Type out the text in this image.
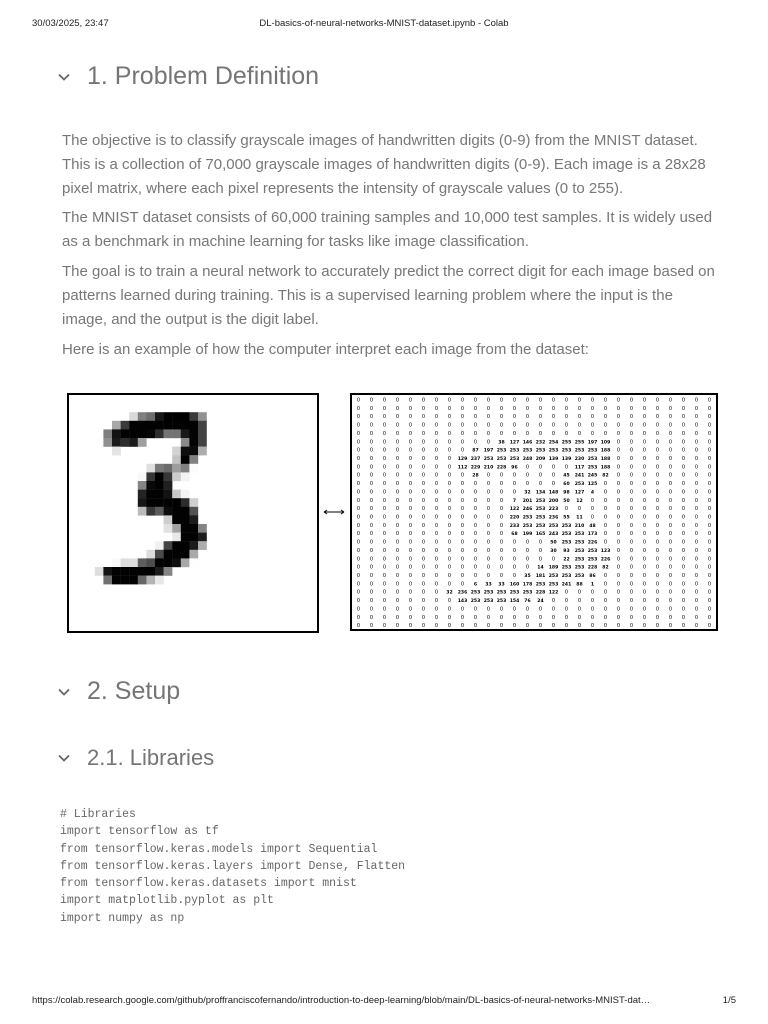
30/03/2025, 23:47	DL-basics-of-neural-networks-MNIST-dataset.ipynb - Colab
1. Problem Definition

The objective is to classify grayscale images of handwritten digits (0-9) from the MNIST dataset. This is a collection of 70,000 grayscale images of handwritten digits (0-9). Each image is a 28x28 pixel matrix, where each pixel represents the intensity of grayscale values (0 to 255).

The MNIST dataset consists of 60,000 training samples and 10,000 test samples. It is widely used as a benchmark in machine learning for tasks like image classification.

The goal is to train a neural network to accurately predict the correct digit for each image based on patterns learned during training. This is a supervised learning problem where the input is the image, and the output is the digit label.

Here is an example of how the computer interpret each image from the dataset:

0 0 0 0 0 0 0 0 0 0 0 0 0 0 0 0 0 0 0 0 0 0 0 0 0 0 0 0
0 0 0 0 0 0 0 0 0 0 0 0 0 0 0 0 0 0 0 0 0 0 0 0 0 0 0 0
0 0 0 0 0 0 0 0 0 0 0 0 0 0 0 0 0 0 0 0 0 0 0 0 0 0 0 0
0 0 0 0 0 0 0 0 0 0 0 0 0 0 0 0 0 0 0 0 0 0 0 0 0 0 0 0
0 0 0 0 0 0 0 0 0 0 0 0 0 0 0 0 0 0 0 0 0 0 0 0 0 0 0 0
0 0 0 0 0 0 0 0 0 0 0 38 127 146 232 254 255 255 197 109 0 0 0 0 0 0 0 0
0 0 0 0 0 0 0 0 0 87 197 253 253 253 253 253 253 253 253 188 0 0 0 0 0 0 0 0
0 0 0 0 0 0 0 0 129 237 253 253 253 248 209 139 139 230 253 188 0 0 0 0 0 0 0 0
0 0 0 0 0 0 0 0 112 229 210 228 96 0 0 0 0 117 253 188 0 0 0 0 0 0 0 0
0 0 0 0 0 0 0 0 0 28 0 0 0 0 0 0 45 241 245 82 0 0 0 0 0 0 0 0
0 0 0 0 0 0 0 0 0 0 0 0 0 0 0 0 60 253 125 0 0 0 0 0 0 0 0 0
0 0 0 0 0 0 0 0 0 0 0 0 0 32 134 148 98 127 4 0 0 0 0 0 0 0 0 0
0 0 0 0 0 0 0 0 0 0 0 0 7 201 253 200 50 12 0 0 0 0 0 0 0 0 0 0
0 0 0 0 0 0 0 0 0 0 0 0 122 246 253 223 0 0 0 0 0 0 0 0 0 0 0 0
0 0 0 0 0 0 0 0 0 0 0 0 220 253 253 236 55 11 0 0 0 0 0 0 0 0 0 0
0 0 0 0 0 0 0 0 0 0 0 0 233 253 253 253 253 210 48 0 0 0 0 0 0 0 0 0
0 0 0 0 0 0 0 0 0 0 0 0 68 199 165 243 253 253 173 0 0 0 0 0 0 0 0 0
0 0 0 0 0 0 0 0 0 0 0 0 0 0 0 50 253 253 226 0 0 0 0 0 0 0 0 0
0 0 0 0 0 0 0 0 0 0 0 0 0 0 0 30 93 253 253 123 0 0 0 0 0 0 0 0
0 0 0 0 0 0 0 0 0 0 0 0 0 0 0 0 22 253 253 226 0 0 0 0 0 0 0 0
0 0 0 0 0 0 0 0 0 0 0 0 0 0 14 189 253 253 228 82 0 0 0 0 0 0 0 0
0 0 0 0 0 0 0 0 0 0 0 0 0 35 181 253 253 253 86 0 0 0 0 0 0 0 0 0
0 0 0 0 0 0 0 0 0 6 33 33 160 178 253 253 241 88 1 0 0 0 0 0 0 0 0 0
0 0 0 0 0 0 0 32 236 253 253 253 253 253 228 122 0 0 0 0 0 0 0 0 0 0 0 0
0 0 0 0 0 0 0 0 143 253 253 253 154 76 24 0 0 0 0 0 0 0 0 0 0 0 0 0
0 0 0 0 0 0 0 0 0 0 0 0 0 0 0 0 0 0 0 0 0 0 0 0 0 0 0 0
0 0 0 0 0 0 0 0 0 0 0 0 0 0 0 0 0 0 0 0 0 0 0 0 0 0 0 0
0 0 0 0 0 0 0 0 0 0 0 0 0 0 0 0 0 0 0 0 0 0 0 0 0 0 0 0
2. Setup
2.1. Libraries
# Libraries
import tensorflow as tf
from tensorflow.keras.models import Sequential
from tensorflow.keras.layers import Dense, Flatten
from tensorflow.keras.datasets import mnist
import matplotlib.pyplot as plt
import numpy as np
https://colab.research.google.com/github/proffranciscofernando/introduction-to-deep-learning/blob/main/DL-basics-of-neural-networks-MNIST-dat…	1/5
